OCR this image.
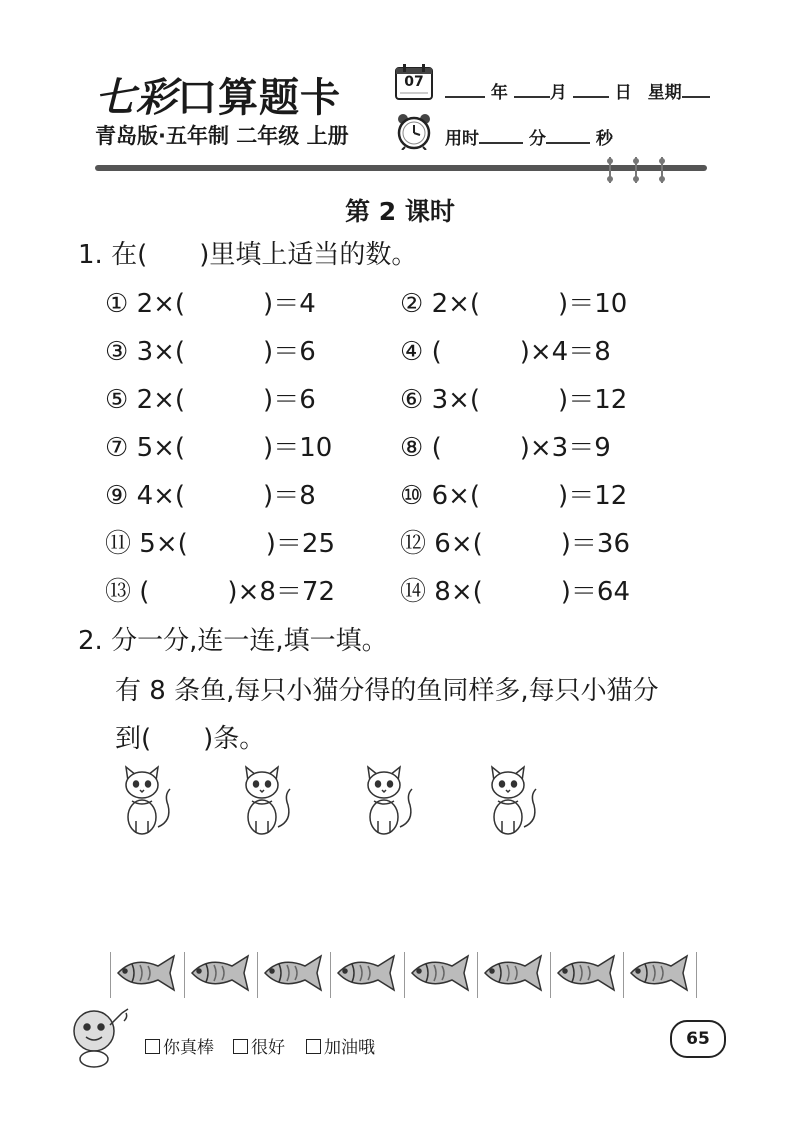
七彩口算题卡
青岛版·五年制 二年级 上册
07
年 月	日 星期
用时	分	秒
第 2 课时
1. 在(　　)里填上适当的数。
① 2×(　　　)＝4	② 2×(　　　)＝10
③ 3×(　　　)＝6	④ (　　　)×4＝8
⑤ 2×(　　　)＝6	⑥ 3×(　　　)＝12
⑦ 5×(　　　)＝10	⑧ (　　　)×3＝9
⑨ 4×(　　　)＝8	⑩ 6×(　　　)＝12
⑪ 5×(　　　)＝25	⑫ 6×(　　　)＝36
⑬ (　　　)×8＝72	⑭ 8×(　　　)＝64
2. 分一分,连一连,填一填。
有 8 条鱼,每只小猫分得的鱼同样多,每只小猫分
到(　　)条。
你真棒	很好	加油哦	65
